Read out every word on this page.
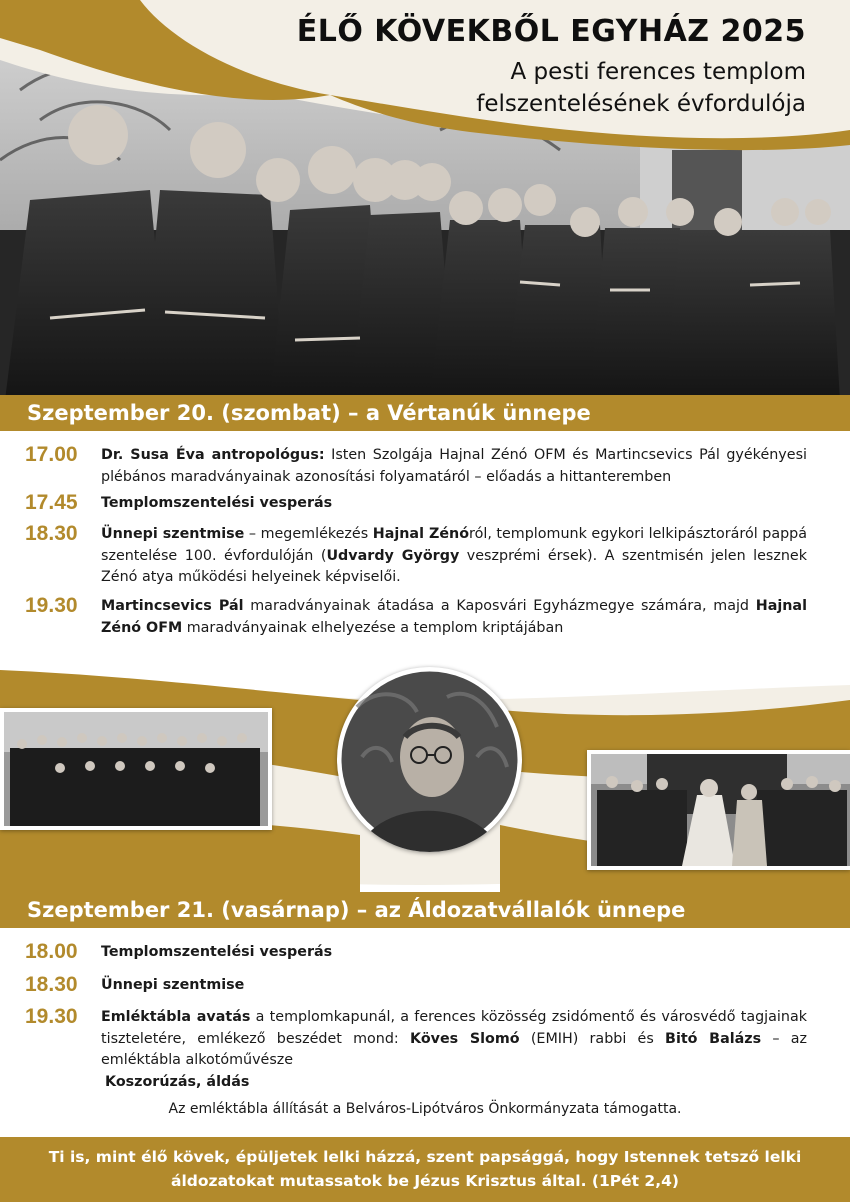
ÉLŐ KÖVEKBŐL EGYHÁZ 2025
A pesti ferences templom
felszentelésének évfordulója
Szeptember 20. (szombat) – a Vértanúk ünnepe
17.00	Dr. Susa Éva antropológus: Isten Szolgája Hajnal Zénó OFM és Martincsevics Pál gyékényesi plébános maradványainak azonosítási folyamatáról – előadás a hittanteremben
17.45	Templomszentelési vesperás
18.30	Ünnepi szentmise – megemlékezés Hajnal Zénóról, templomunk egykori lelkipásztoráról pappá szentelése 100. évfordulóján (Udvardy György veszprémi érsek). A szentmisén jelen lesznek Zénó atya működési helyeinek képviselői.
19.30	Martincsevics Pál maradványainak átadása a Kaposvári Egyházmegye számára, majd Hajnal Zénó OFM maradványainak elhelyezése a templom kriptájában
Szeptember 21. (vasárnap) – az Áldozatvállalók ünnepe
18.00	Templomszentelési vesperás
18.30	Ünnepi szentmise
19.30	Emléktábla avatás a templomkapunál, a ferences közösség zsidómentő és városvédő tagjainak tiszteletére, emlékező beszédet mond: Köves Slomó (EMIH) rabbi és Bitó Balázs – az emléktábla alkotóművésze
Koszorúzás, áldás
Az emléktábla állítását a Belváros-Lipótváros Önkormányzata támogatta.
Ti is, mint élő kövek, épüljetek lelki házzá, szent papsággá, hogy Istennek tetsző lelki
áldozatokat mutassatok be Jézus Krisztus által. (1Pét 2,4)
